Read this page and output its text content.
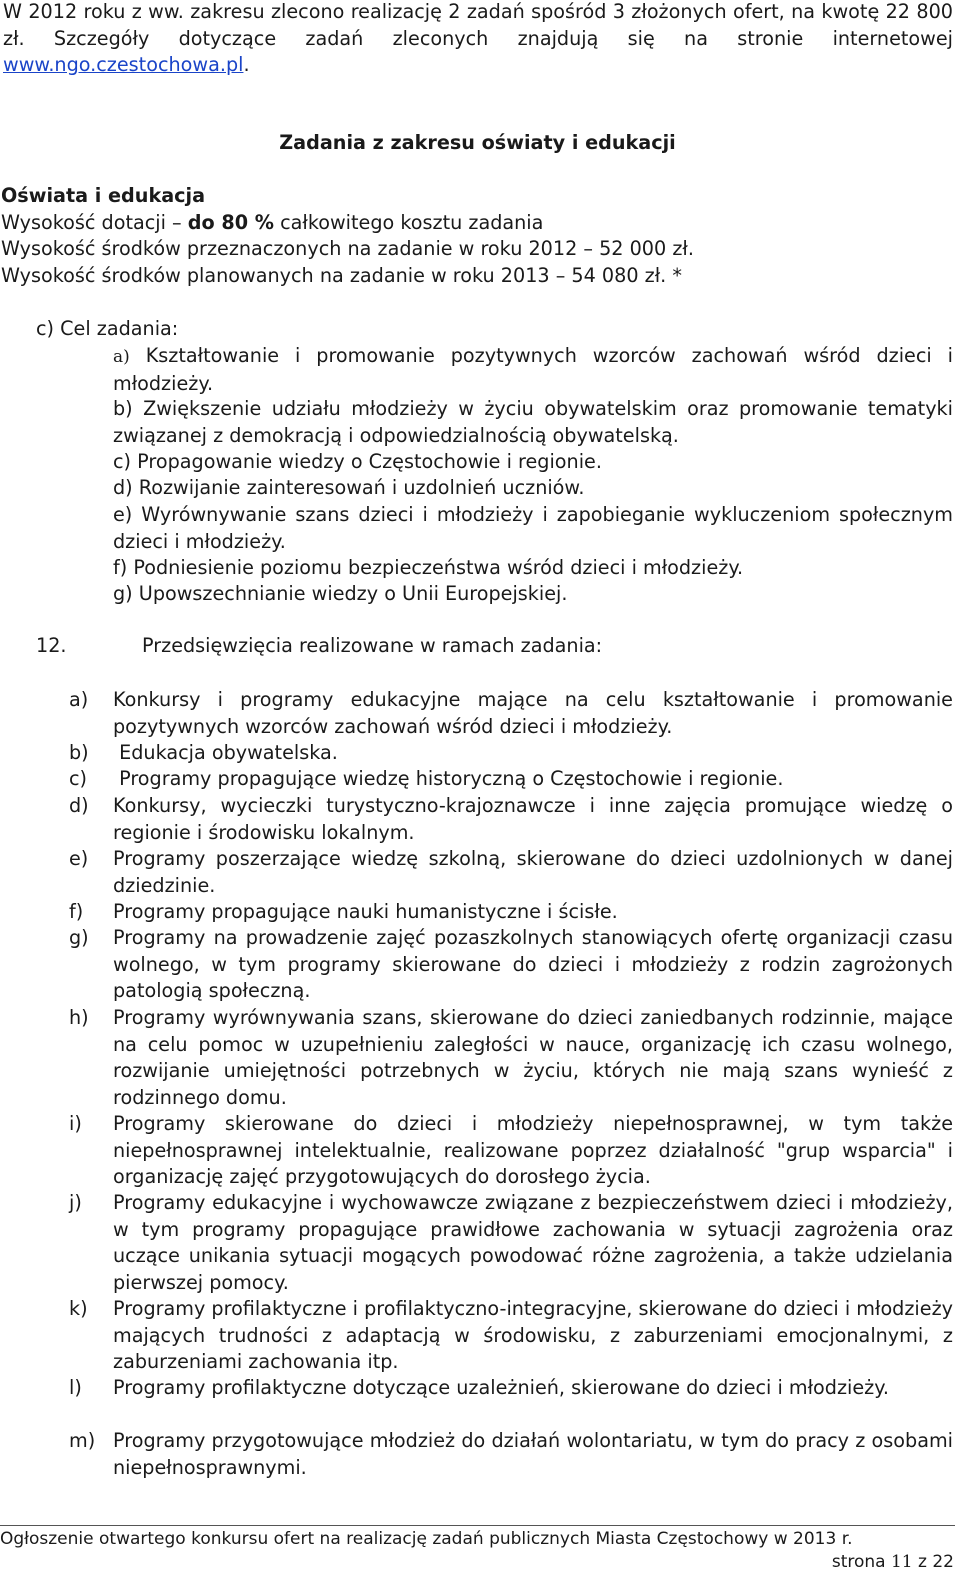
W 2012 roku z ww. zakresu zlecono realizację 2 zadań spośród 3 złożonych ofert, na kwotę 22 800 zł. Szczegóły dotyczące zadań zleconych znajdują się na stronie internetowej www.ngo.czestochowa.pl.
Zadania z zakresu oświaty i edukacji
Oświata i edukacja
Wysokość dotacji – do 80 % całkowitego kosztu zadania
Wysokość środków przeznaczonych na zadanie w roku 2012 – 52 000 zł.
Wysokość środków planowanych na zadanie w roku 2013 – 54 080 zł. *
c) Cel zadania:
a) Kształtowanie i promowanie pozytywnych wzorców zachowań wśród dzieci i młodzieży.
b) Zwiększenie udziału młodzieży w życiu obywatelskim oraz promowanie tematyki związanej z demokracją i odpowiedzialnością obywatelską.
c) Propagowanie wiedzy o Częstochowie i regionie.
d) Rozwijanie zainteresowań i uzdolnień uczniów.
e) Wyrównywanie szans dzieci i młodzieży i zapobieganie wykluczeniom społecznym dzieci i młodzieży.
f) Podniesienie poziomu bezpieczeństwa wśród dzieci i młodzieży.
g) Upowszechnianie wiedzy o Unii Europejskiej.
12.	Przedsięwzięcia realizowane w ramach zadania:
a) Konkursy i programy edukacyjne mające na celu kształtowanie i promowanie pozytywnych wzorców zachowań wśród dzieci i młodzieży.
b) Edukacja obywatelska.
c) Programy propagujące wiedzę historyczną o Częstochowie i regionie.
d) Konkursy, wycieczki turystyczno-krajoznawcze i inne zajęcia promujące wiedzę o regionie i środowisku lokalnym.
e) Programy poszerzające wiedzę szkolną, skierowane do dzieci uzdolnionych w danej dziedzinie.
f) Programy propagujące nauki humanistyczne i ścisłe.
g) Programy na prowadzenie zajęć pozaszkolnych stanowiących ofertę organizacji czasu wolnego, w tym programy skierowane do dzieci i młodzieży z rodzin zagrożonych patologią społeczną.
h) Programy wyrównywania szans, skierowane do dzieci zaniedbanych rodzinnie, mające na celu pomoc w uzupełnieniu zaległości w nauce, organizację ich czasu wolnego, rozwijanie umiejętności potrzebnych w życiu, których nie mają szans wynieść z rodzinnego domu.
i) Programy skierowane do dzieci i młodzieży niepełnosprawnej, w tym także niepełnosprawnej intelektualnie, realizowane poprzez działalność "grup wsparcia" i organizację zajęć przygotowujących do dorosłego życia.
j) Programy edukacyjne i wychowawcze związane z bezpieczeństwem dzieci i młodzieży, w tym programy propagujące prawidłowe zachowania w sytuacji zagrożenia oraz uczące unikania sytuacji mogących powodować różne zagrożenia, a także udzielania pierwszej pomocy.
k) Programy profilaktyczne i profilaktyczno-integracyjne, skierowane do dzieci i młodzieży mających trudności z adaptacją w środowisku, z zaburzeniami emocjonalnymi, z zaburzeniami zachowania itp.
l) Programy profilaktyczne dotyczące uzależnień, skierowane do dzieci i młodzieży.
m) Programy przygotowujące młodzież do działań wolontariatu, w tym do pracy z osobami niepełnosprawnymi.
Ogłoszenie otwartego konkursu ofert na realizację zadań publicznych Miasta Częstochowy w 2013 r.
strona 11 z 22
